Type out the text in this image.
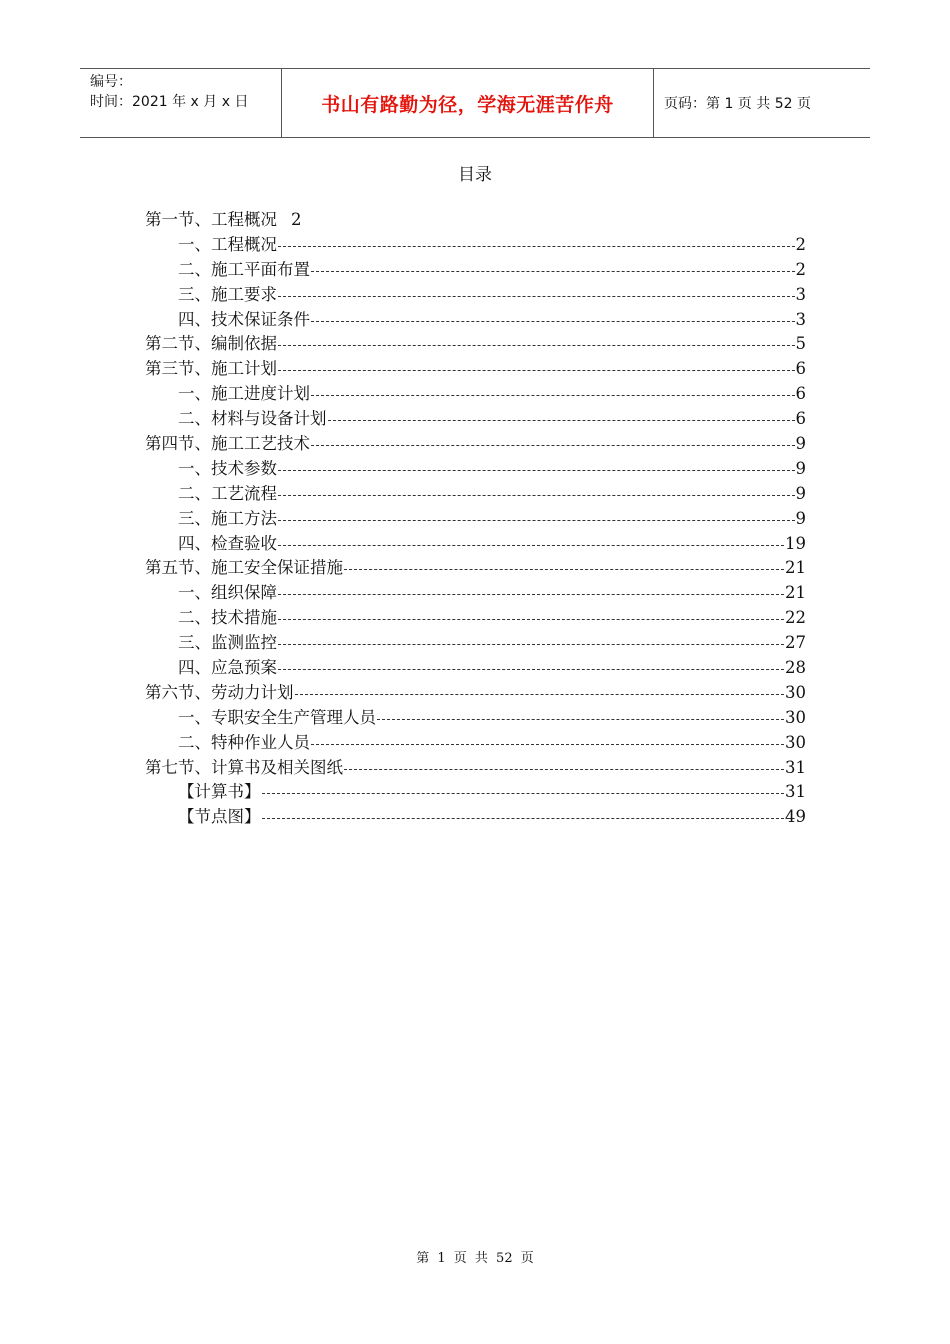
编号：
时间：2021 年 x 月 x 日	书山有路勤为径，学海无涯苦作舟	页码：第 1 页 共 52 页
目录
第一节、工程概况 2
一、工程概况	2
二、施工平面布置	2
三、施工要求	3
四、技术保证条件	3
第二节、编制依据	5
第三节、施工计划	6
一、施工进度计划	6
二、材料与设备计划	6
第四节、施工工艺技术	9
一、技术参数	9
二、工艺流程	9
三、施工方法	9
四、检查验收	19
第五节、施工安全保证措施	21
一、组织保障	21
二、技术措施	22
三、监测监控	27
四、应急预案	28
第六节、劳动力计划	30
一、专职安全生产管理人员	30
二、特种作业人员	30
第七节、计算书及相关图纸	31
【计算书】	31
【节点图】	49
第 1 页 共 52 页
